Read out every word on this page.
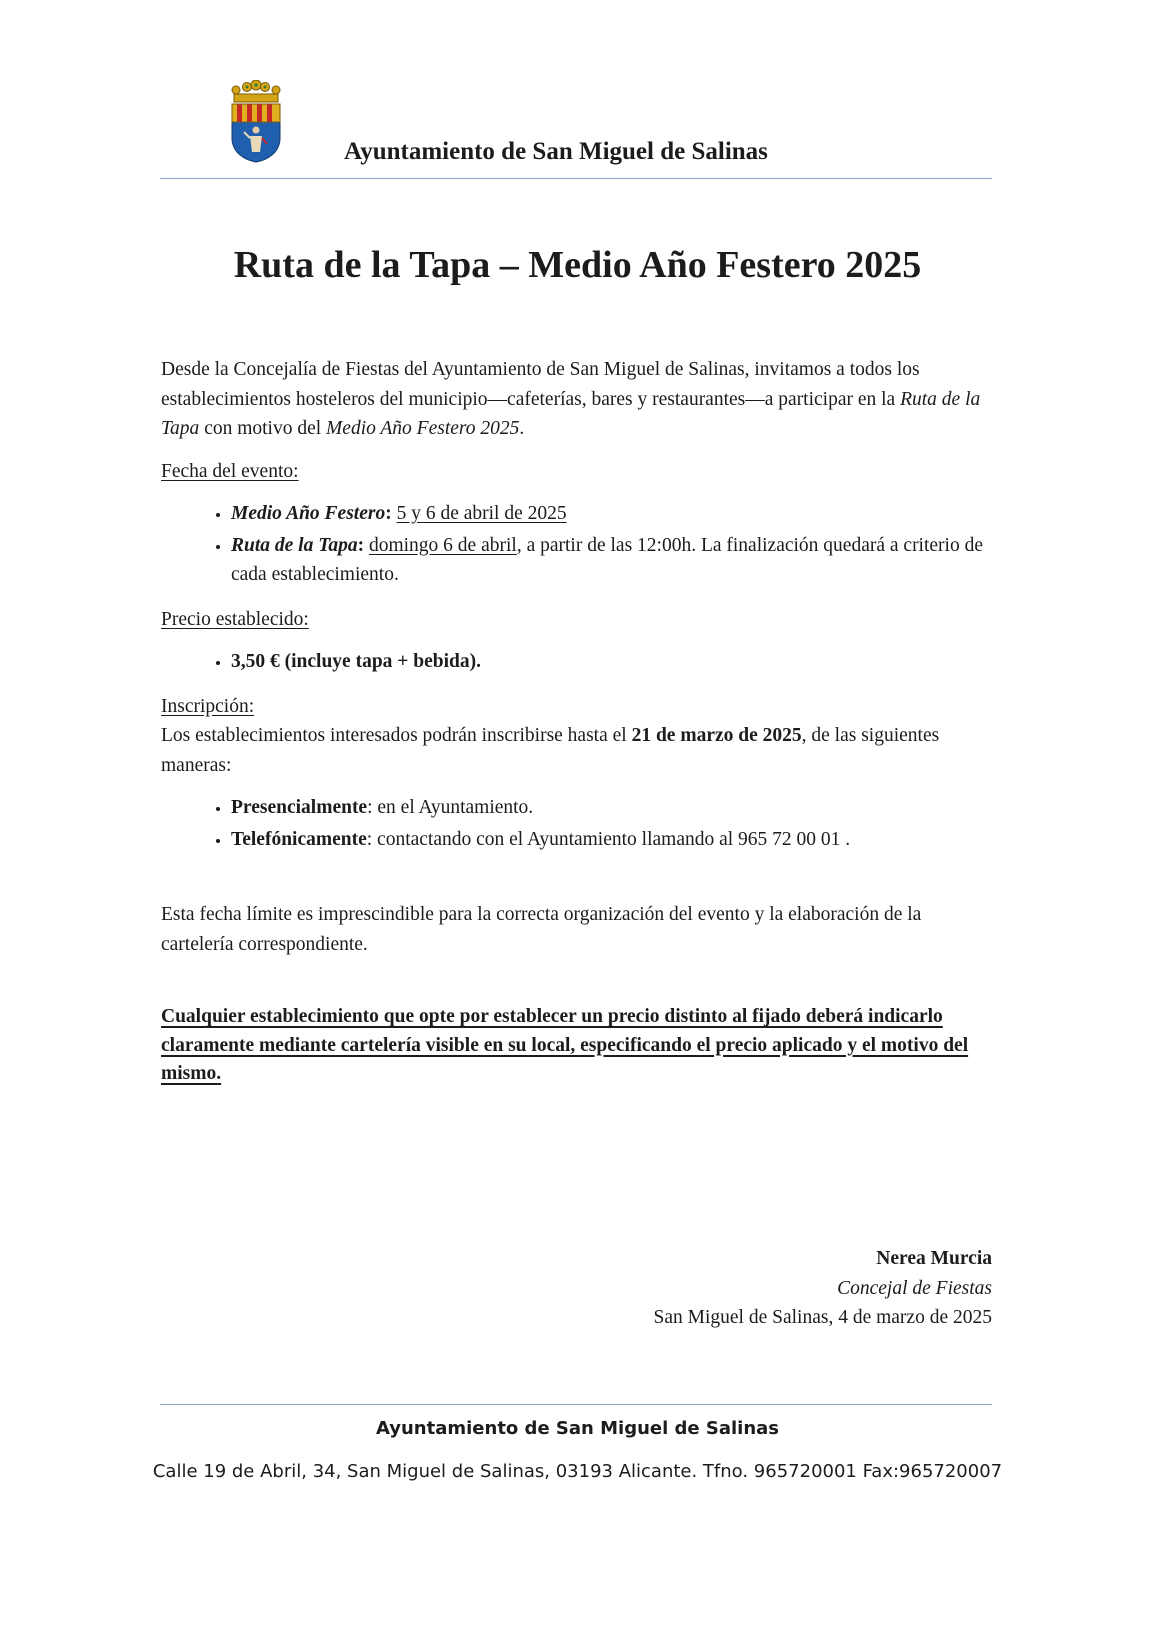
Ayuntamiento de San Miguel de Salinas
Ruta de la Tapa – Medio Año Festero 2025

Desde la Concejalía de Fiestas del Ayuntamiento de San Miguel de Salinas, invitamos a todos los establecimientos hosteleros del municipio—cafeterías, bares y restaurantes—a participar en la Ruta de la Tapa con motivo del Medio Año Festero 2025.

Fecha del evento:

• Medio Año Festero: 5 y 6 de abril de 2025
• Ruta de la Tapa: domingo 6 de abril, a partir de las 12:00h. La finalización quedará a criterio de cada establecimiento.

Precio establecido:

• 3,50 € (incluye tapa + bebida).

Inscripción:

Los establecimientos interesados podrán inscribirse hasta el 21 de marzo de 2025, de las siguientes maneras:

• Presencialmente: en el Ayuntamiento.
• Telefónicamente: contactando con el Ayuntamiento llamando al 965 72 00 01 .

Esta fecha límite es imprescindible para la correcta organización del evento y la elaboración de la cartelería correspondiente.

Cualquier establecimiento que opte por establecer un precio distinto al fijado deberá indicarlo claramente mediante cartelería visible en su local, especificando el precio aplicado y el motivo del mismo.

Nerea Murcia
Concejal de Fiestas
San Miguel de Salinas, 4 de marzo de 2025
Ayuntamiento de San Miguel de Salinas
Calle 19 de Abril, 34, San Miguel de Salinas, 03193 Alicante. Tfno. 965720001 Fax:965720007
